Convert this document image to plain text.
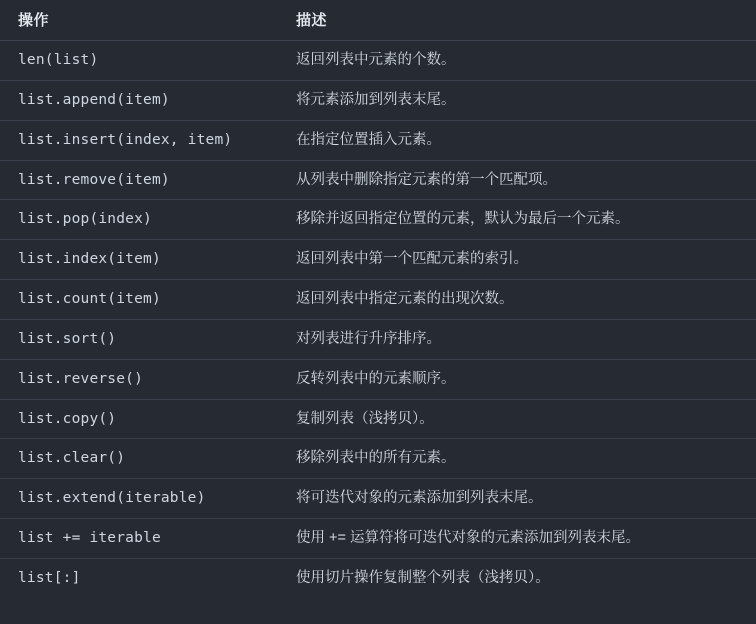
操作	描述
len(list)	返回列表中元素的个数。
list.append(item)	将元素添加到列表末尾。
list.insert(index, item)	在指定位置插入元素。
list.remove(item)	从列表中删除指定元素的第一个匹配项。
list.pop(index)	移除并返回指定位置的元素，默认为最后一个元素。
list.index(item)	返回列表中第一个匹配元素的索引。
list.count(item)	返回列表中指定元素的出现次数。
list.sort()	对列表进行升序排序。
list.reverse()	反转列表中的元素顺序。
list.copy()	复制列表（浅拷贝）。
list.clear()	移除列表中的所有元素。
list.extend(iterable)	将可迭代对象的元素添加到列表末尾。
list += iterable	使用 += 运算符将可迭代对象的元素添加到列表末尾。
list[:]	使用切片操作复制整个列表（浅拷贝）。
